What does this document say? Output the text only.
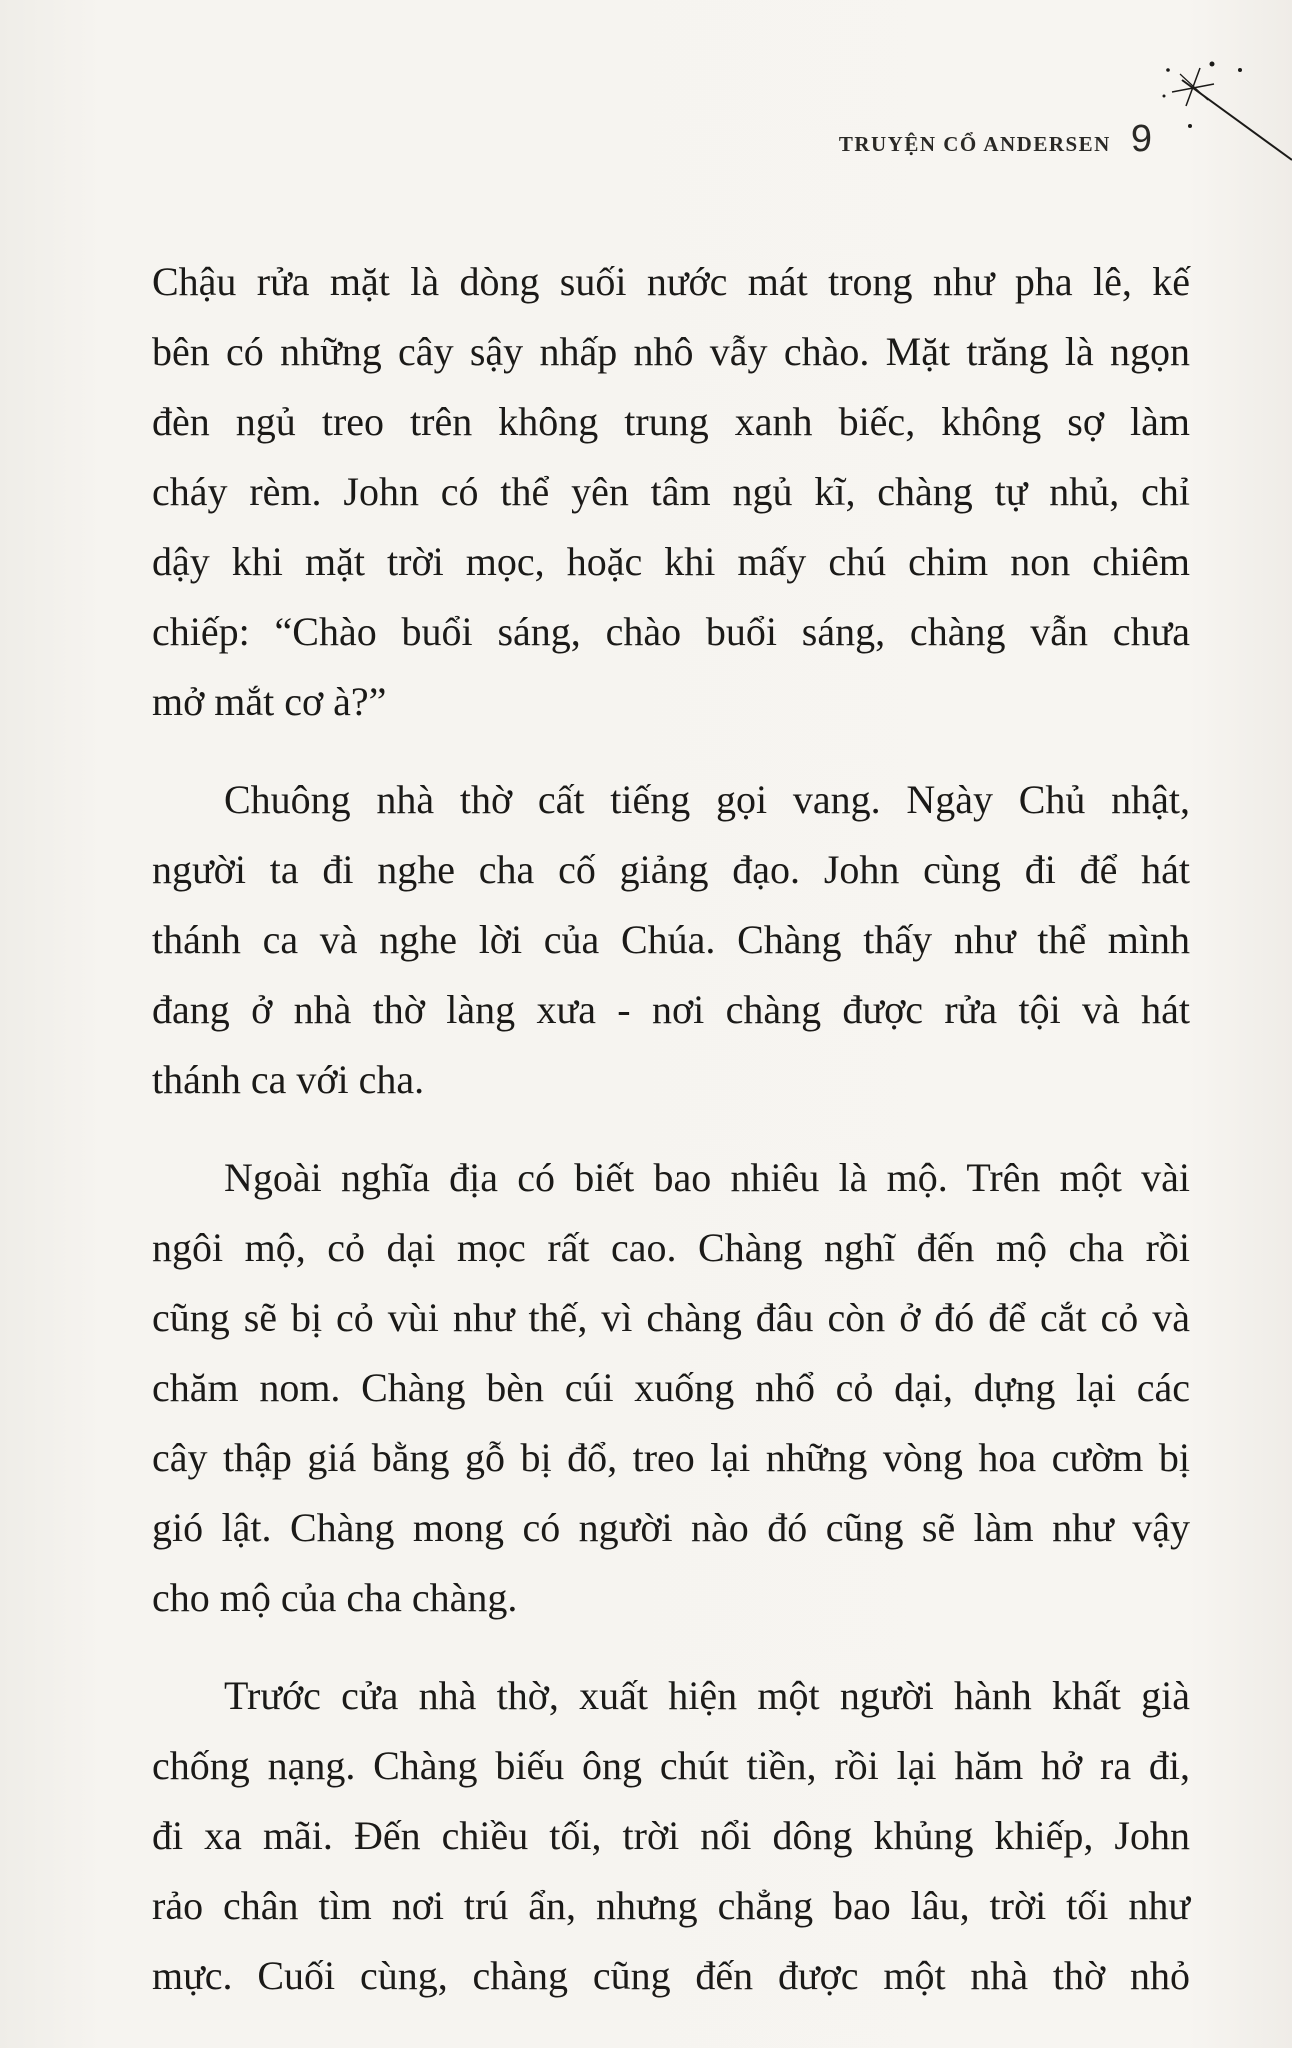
TRUYỆN CỔ ANDERSEN 9

Chậu rửa mặt là dòng suối nước mát trong như pha lê, kế
bên có những cây sậy nhấp nhô vẫy chào. Mặt trăng là ngọn
đèn ngủ treo trên không trung xanh biếc, không sợ làm
cháy rèm. John có thể yên tâm ngủ kĩ, chàng tự nhủ, chỉ
dậy khi mặt trời mọc, hoặc khi mấy chú chim non chiêm
chiếp: “Chào buổi sáng, chào buổi sáng, chàng vẫn chưa
mở mắt cơ à?”

Chuông nhà thờ cất tiếng gọi vang. Ngày Chủ nhật,
người ta đi nghe cha cố giảng đạo. John cùng đi để hát
thánh ca và nghe lời của Chúa. Chàng thấy như thể mình
đang ở nhà thờ làng xưa - nơi chàng được rửa tội và hát
thánh ca với cha.

Ngoài nghĩa địa có biết bao nhiêu là mộ. Trên một vài
ngôi mộ, cỏ dại mọc rất cao. Chàng nghĩ đến mộ cha rồi
cũng sẽ bị cỏ vùi như thế, vì chàng đâu còn ở đó để cắt cỏ và
chăm nom. Chàng bèn cúi xuống nhổ cỏ dại, dựng lại các
cây thập giá bằng gỗ bị đổ, treo lại những vòng hoa cườm bị
gió lật. Chàng mong có người nào đó cũng sẽ làm như vậy
cho mộ của cha chàng.

Trước cửa nhà thờ, xuất hiện một người hành khất già
chống nạng. Chàng biếu ông chút tiền, rồi lại hăm hở ra đi,
đi xa mãi. Đến chiều tối, trời nổi dông khủng khiếp, John
rảo chân tìm nơi trú ẩn, nhưng chẳng bao lâu, trời tối như
mực. Cuối cùng, chàng cũng đến được một nhà thờ nhỏ
